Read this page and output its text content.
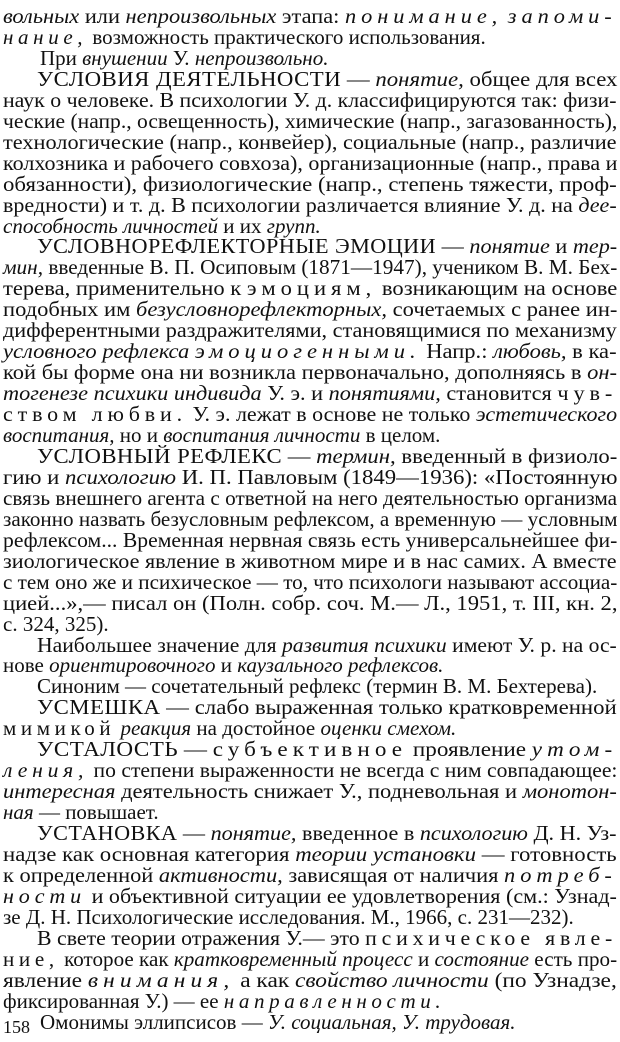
вольных или непроизвольных этапа: понимание, запоми-
нание, возможность практического использования.
При внушении У. непроизвольно.
УСЛОВИЯ ДЕЯТЕЛЬНОСТИ — понятие, общее для всех
наук о человеке. В психологии У. д. классифицируются так: физи-
ческие (напр., освещенность), химические (напр., загазованность),
технологические (напр., конвейер), социальные (напр., различие
колхозника и рабочего совхоза), организационные (напр., права и
обязанности), физиологические (напр., степень тяжести, проф-
вредности) и т. д. В психологии различается влияние У. д. на дее-
способность личностей и их групп.
УСЛОВНОРЕФЛЕКТОРНЫЕ ЭМОЦИИ — понятие и тер-
мин, введенные В. П. Осиповым (1871—1947), учеником В. М. Бех-
терева, применительно к эмоциям, возникающим на основе
подобных им безусловнорефлекторных, сочетаемых с ранее ин-
дифферентными раздражителями, становящимися по механизму
условного рефлекса эмоциогенными. Напр.: любовь, в ка-
кой бы форме она ни возникла первоначально, дополняясь в он-
тогенезе психики индивида У. э. и понятиями, становится чув-
ством любви. У. э. лежат в основе не только эстетического
воспитания, но и воспитания личности в целом.
УСЛОВНЫЙ РЕФЛЕКС — термин, введенный в физиоло-
гию и психологию И. П. Павловым (1849—1936): «Постоянную
связь внешнего агента с ответной на него деятельностью организма
законно назвать безусловным рефлексом, а временную — условным
рефлексом... Временная нервная связь есть универсальнейшее фи-
зиологическое явление в животном мире и в нас самих. А вместе
с тем оно же и психическое — то, что психологи называют ассоциа-
цией...»,— писал он (Полн. собр. соч. М.— Л., 1951, т. III, кн. 2,
с. 324, 325).
Наибольшее значение для развития психики имеют У. р. на ос-
нове ориентировочного и каузального рефлексов.
Синоним — сочетательный рефлекс (термин В. М. Бехтерева).
УСМЕШКА — слабо выраженная только кратковременной
мимикой реакция на достойное оценки смехом.
УСТАЛОСТЬ — субъективное проявление утом-
ления, по степени выраженности не всегда с ним совпадающее:
интересная деятельность снижает У., подневольная и монотон-
ная — повышает.
УСТАНОВКА — понятие, введенное в психологию Д. Н. Уз-
надзе как основная категория теории установки — готовность
к определенной активности, зависящая от наличия потреб-
ности и объективной ситуации ее удовлетворения (см.: Узнад-
зе Д. Н. Психологические исследования. М., 1966, с. 231—232).
В свете теории отражения У.— это психическое явле-
ние, которое как кратковременный процесс и состояние есть про-
явление внимания, а как свойство личности (по Узнадзе,
фиксированная У.) — ее направленности.
Омонимы эллипсисов — У. социальная, У. трудовая.
158
